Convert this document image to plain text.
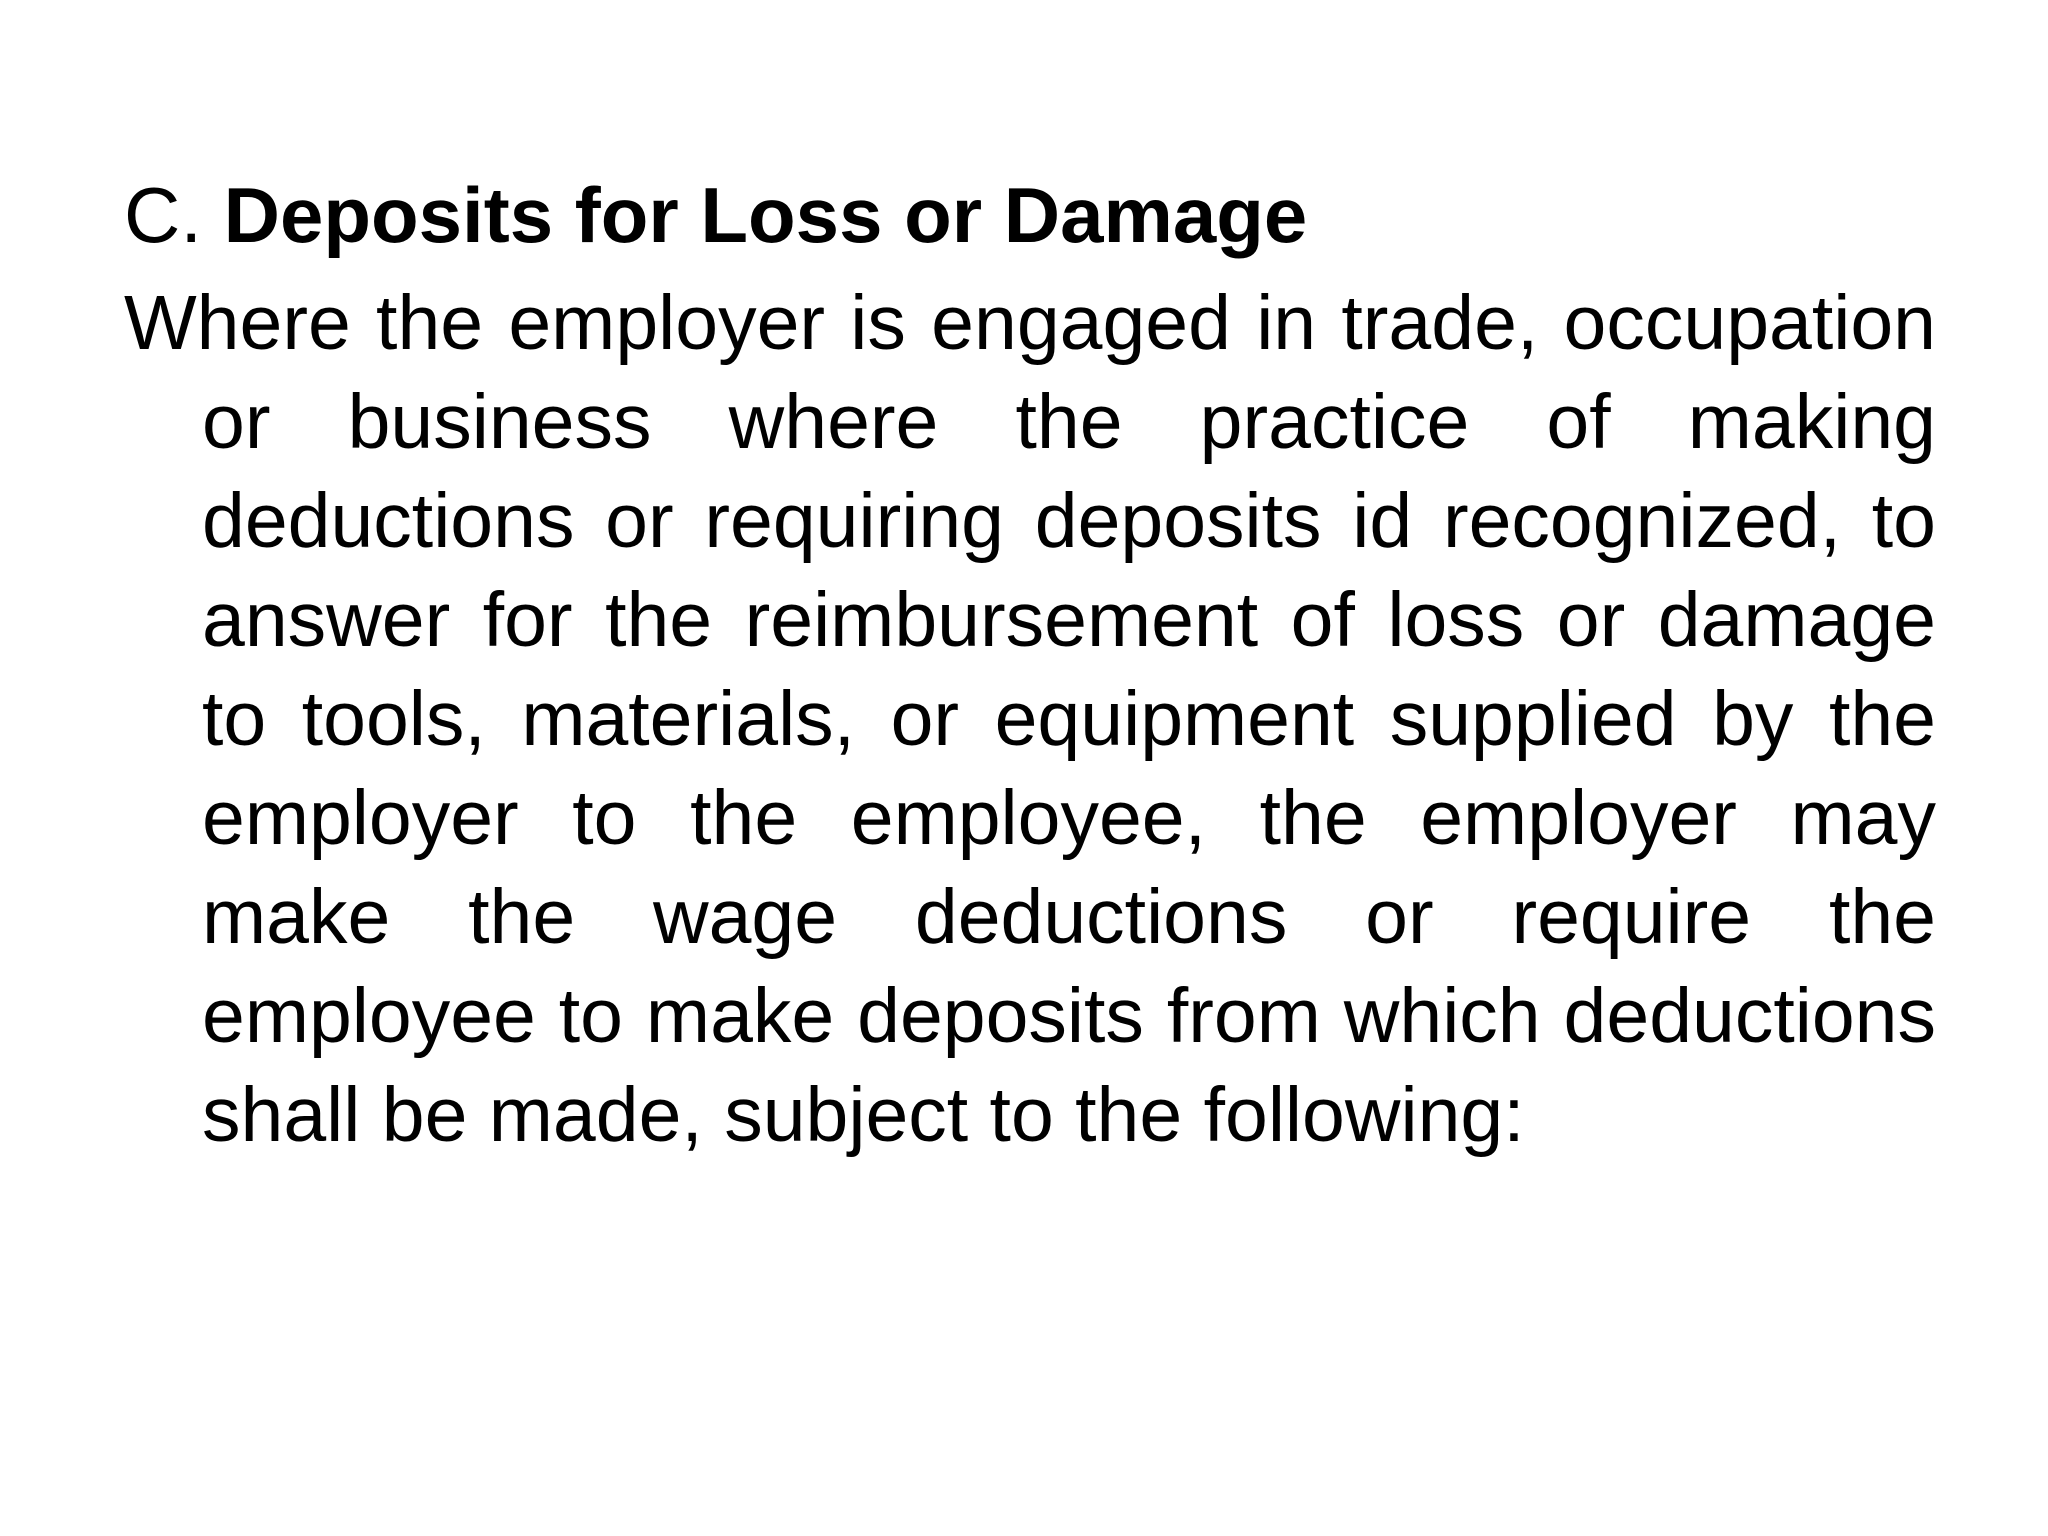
C. Deposits for Loss or Damage

Where the employer is engaged in trade, occupation or business where the practice of making deductions or requiring deposits id recognized, to answer for the reimbursement of loss or damage to tools, materials, or equipment supplied by the employer to the employee, the employer may make the wage deductions or require the employee to make deposits from which deductions shall be made, subject to the following:
